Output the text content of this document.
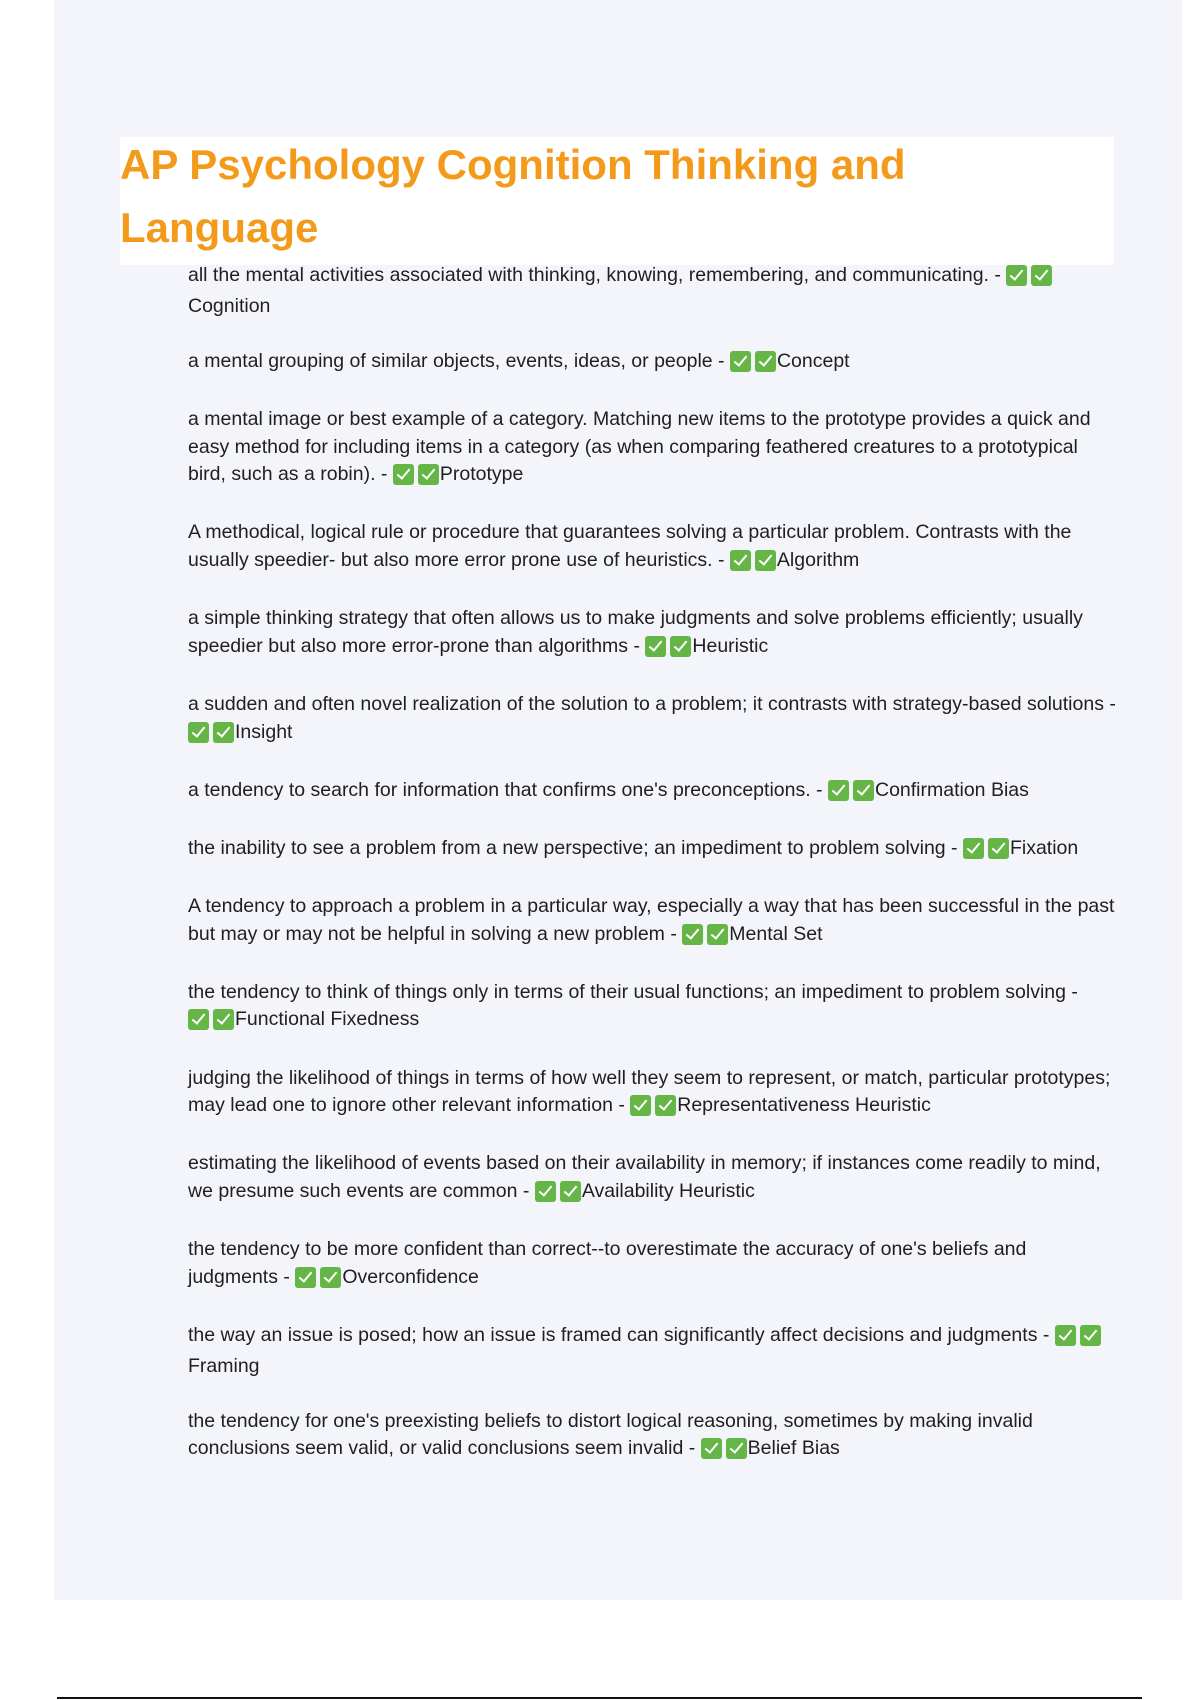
AP Psychology Cognition Thinking and Language

all the mental activities associated with thinking, knowing, remembering, and communicating. - Cognition

a mental grouping of similar objects, events, ideas, or people -	Concept

a mental image or best example of a category. Matching new items to the prototype provides a quick and easy method for including items in a category (as when comparing feathered creatures to a prototypical bird, such as a robin). -	Prototype

A methodical, logical rule or procedure that guarantees solving a particular problem. Contrasts with the usually speedier- but also more error prone use of heuristics. -	Algorithm

a simple thinking strategy that often allows us to make judgments and solve problems efficiently; usually speedier but also more error-prone than algorithms -	Heuristic

a sudden and often novel realization of the solution to a problem; it contrasts with strategy-based solutions - Insight

a tendency to search for information that confirms one's preconceptions. -	Confirmation Bias

the inability to see a problem from a new perspective; an impediment to problem solving -	Fixation

A tendency to approach a problem in a particular way, especially a way that has been successful in the past but may or may not be helpful in solving a new problem -	Mental Set

the tendency to think of things only in terms of their usual functions; an impediment to problem solving - Functional Fixedness

judging the likelihood of things in terms of how well they seem to represent, or match, particular prototypes; may lead one to ignore other relevant information -	Representativeness Heuristic

estimating the likelihood of events based on their availability in memory; if instances come readily to mind, we presume such events are common -	Availability Heuristic

the tendency to be more confident than correct--to overestimate the accuracy of one's beliefs and judgments -	Overconfidence

the way an issue is posed; how an issue is framed can significantly affect decisions and judgments - Framing

the tendency for one's preexisting beliefs to distort logical reasoning, sometimes by making invalid conclusions seem valid, or valid conclusions seem invalid -	Belief Bias
